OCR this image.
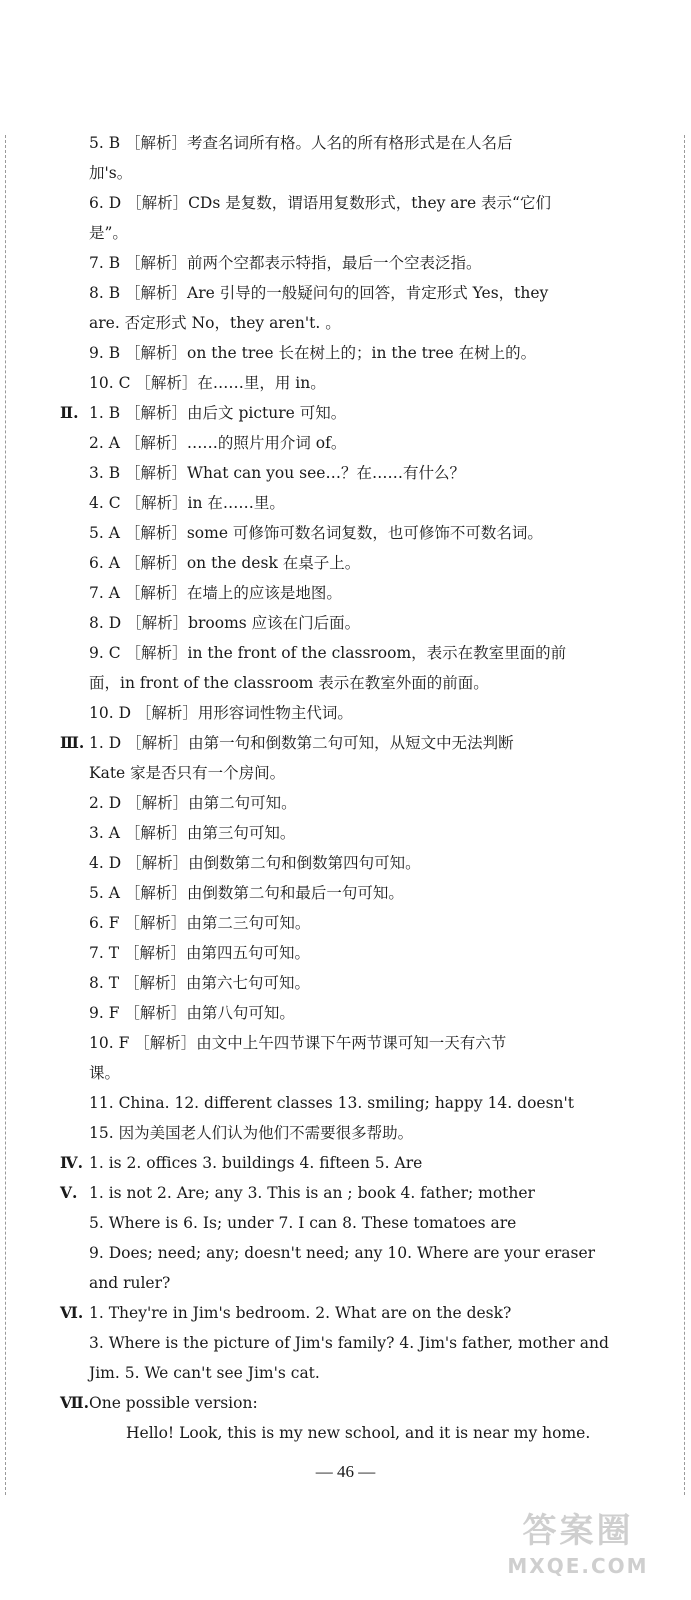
5. B ［解析］考查名词所有格。人名的所有格形式是在人名后
加's。
6. D ［解析］CDs 是复数，谓语用复数形式，they are 表示“它们
是”。
7. B ［解析］前两个空都表示特指，最后一个空表泛指。
8. B ［解析］Are 引导的一般疑问句的回答，肯定形式 Yes，they
are. 否定形式 No，they aren't. 。
9. B ［解析］on the tree 长在树上的；in the tree 在树上的。
10. C ［解析］在……里，用 in。
Ⅱ. 1. B ［解析］由后文 picture 可知。
2. A ［解析］……的照片用介词 of。
3. B ［解析］What can you see…？在……有什么？
4. C ［解析］in 在……里。
5. A ［解析］some 可修饰可数名词复数，也可修饰不可数名词。
6. A ［解析］on the desk 在桌子上。
7. A ［解析］在墙上的应该是地图。
8. D ［解析］brooms 应该在门后面。
9. C ［解析］in the front of the classroom，表示在教室里面的前
面，in front of the classroom 表示在教室外面的前面。
10. D ［解析］用形容词性物主代词。
Ⅲ. 1. D ［解析］由第一句和倒数第二句可知，从短文中无法判断
Kate 家是否只有一个房间。
2. D ［解析］由第二句可知。
3. A ［解析］由第三句可知。
4. D ［解析］由倒数第二句和倒数第四句可知。
5. A ［解析］由倒数第二句和最后一句可知。
6. F ［解析］由第二三句可知。
7. T ［解析］由第四五句可知。
8. T ［解析］由第六七句可知。
9. F ［解析］由第八句可知。
10. F ［解析］由文中上午四节课下午两节课可知一天有六节
课。
11. China. 12. different classes 13. smiling; happy 14. doesn't
15. 因为美国老人们认为他们不需要很多帮助。
Ⅳ. 1. is 2. offices 3. buildings 4. fifteen 5. Are
Ⅴ. 1. is not 2. Are; any 3. This is an ; book 4. father; mother
5. Where is 6. Is; under 7. I can 8. These tomatoes are
9. Does; need; any; doesn't need; any 10. Where are your eraser
and ruler?
Ⅵ. 1. They're in Jim's bedroom. 2. What are on the desk?
3. Where is the picture of Jim's family? 4. Jim's father, mother and
Jim. 5. We can't see Jim's cat.
Ⅶ.One possible version:
Hello! Look, this is my new school, and it is near my home.
— 46 —
答案圈
MXQE.COM
